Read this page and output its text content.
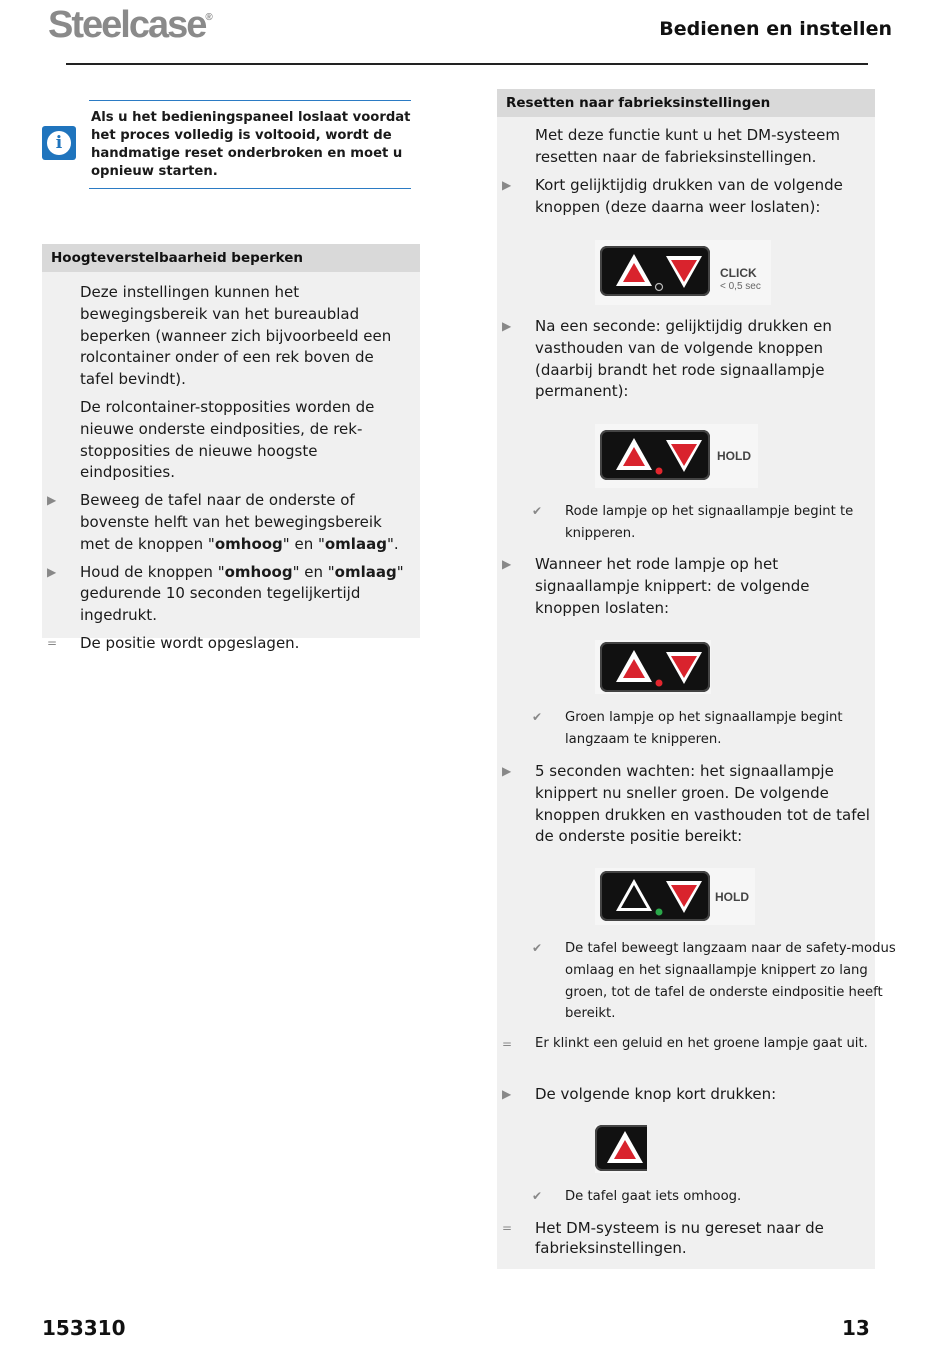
Steelcase®
Bedienen en instellen
i
Als u het bedieningspaneel loslaat voordat het proces volledig is voltooid, wordt de handmatige reset onderbroken en moet u opnieuw starten.
Hoogteverstelbaarheid beperken
Deze instellingen kunnen het bewegingsbereik van het bureaublad beperken (wanneer zich bijvoorbeeld een rolcontainer onder of een rek boven de tafel bevindt).
De rolcontainer-stopposities worden de nieuwe onderste eindposities, de rek-stopposities de nieuwe hoogste eindposities.
▶ Beweeg de tafel naar de onderste of bovenste helft van het bewegingsbereik met de knoppen "omhoog" en "omlaag".
▶ Houd de knoppen "omhoog" en "omlaag" gedurende 10 seconden tegelijkertijd ingedrukt.
= De positie wordt opgeslagen.
Resetten naar fabrieksinstellingen
Met deze functie kunt u het DM-systeem resetten naar de fabrieksinstellingen.
▶ Kort gelijktijdig drukken van de volgende knoppen (deze daarna weer loslaten):
CLICK
< 0,5 sec
▶ Na een seconde: gelijktijdig drukken en vasthouden van de volgende knoppen (daarbij brandt het rode signaallampje permanent):
HOLD
✔ Rode lampje op het signaallampje begint te knipperen.
▶ Wanneer het rode lampje op het signaallampje knippert: de volgende knoppen loslaten:
✔ Groen lampje op het signaallampje begint langzaam te knipperen.
▶ 5 seconden wachten: het signaallampje knippert nu sneller groen. De volgende knoppen drukken en vasthouden tot de tafel de onderste positie bereikt:
HOLD
✔ De tafel beweegt langzaam naar de safety-modus omlaag en het signaallampje knippert zo lang groen, tot de tafel de onderste eindpositie heeft bereikt.
= Er klinkt een geluid en het groene lampje gaat uit.
▶ De volgende knop kort drukken:
✔ De tafel gaat iets omhoog.
= Het DM-systeem is nu gereset naar de fabrieksinstellingen.
153310	13
